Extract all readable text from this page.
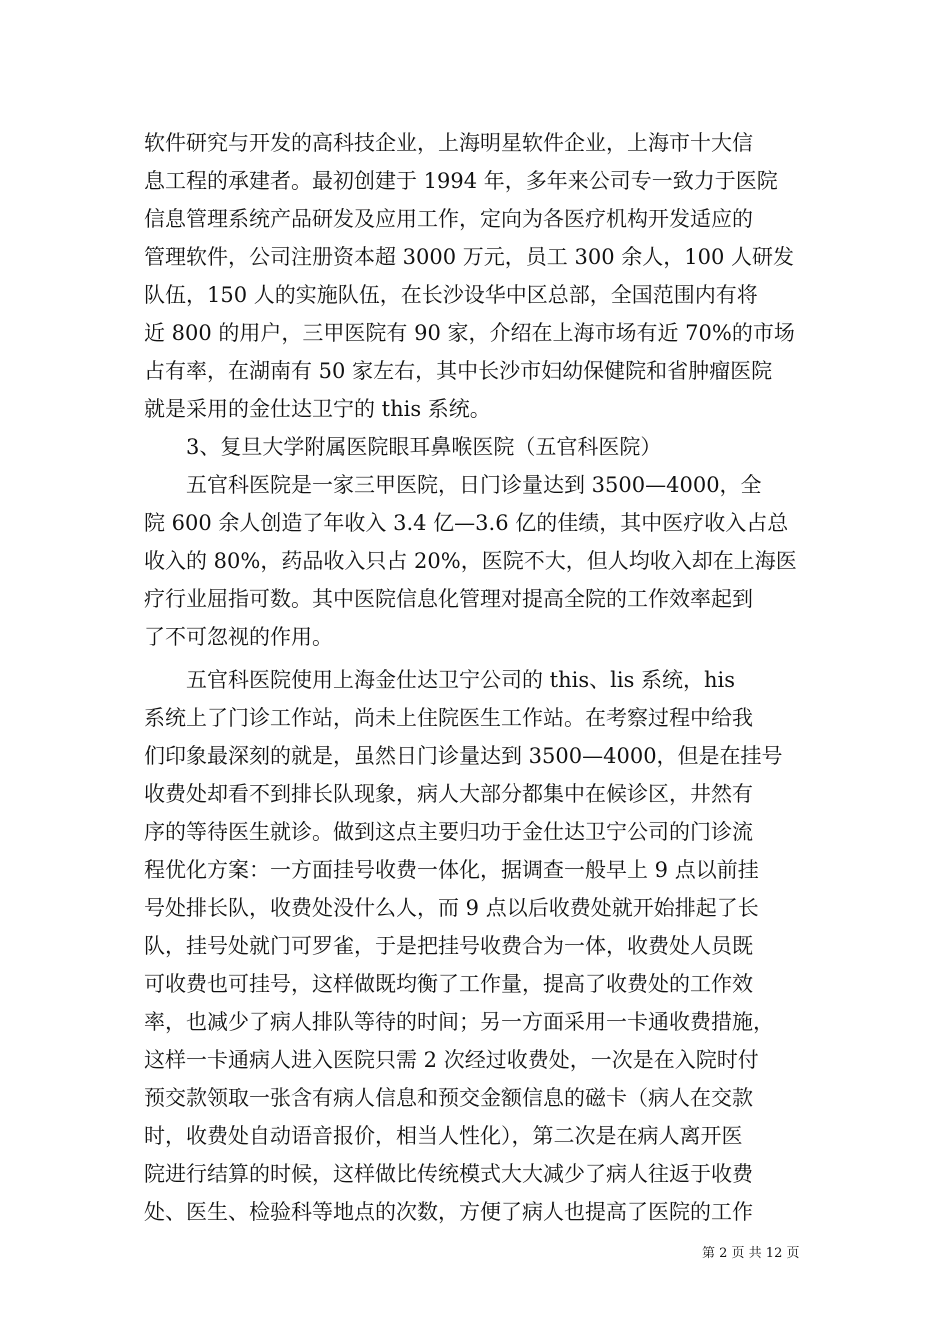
软件研究与开发的高科技企业，上海明星软件企业，上海市十大信
息工程的承建者。最初创建于 1994 年，多年来公司专一致力于医院
信息管理系统产品研发及应用工作，定向为各医疗机构开发适应的
管理软件，公司注册资本超 3000 万元，员工 300 余人，100 人研发
队伍，150 人的实施队伍，在长沙设华中区总部，全国范围内有将
近 800 的用户，三甲医院有 90 家，介绍在上海市场有近 70%的市场
占有率，在湖南有 50 家左右，其中长沙市妇幼保健院和省肿瘤医院
就是采用的金仕达卫宁的 this 系统。
3、复旦大学附属医院眼耳鼻喉医院（五官科医院）
　　五官科医院是一家三甲医院，日门诊量达到 3500—4000，全
院 600 余人创造了年收入 3.4 亿—3.6 亿的佳绩，其中医疗收入占总
收入的 80%，药品收入只占 20%，医院不大，但人均收入却在上海医
疗行业屈指可数。其中医院信息化管理对提高全院的工作效率起到
了不可忽视的作用。
　　五官科医院使用上海金仕达卫宁公司的 this、lis 系统，his
系统上了门诊工作站，尚未上住院医生工作站。在考察过程中给我
们印象最深刻的就是，虽然日门诊量达到 3500—4000，但是在挂号
收费处却看不到排长队现象，病人大部分都集中在候诊区，井然有
序的等待医生就诊。做到这点主要归功于金仕达卫宁公司的门诊流
程优化方案：一方面挂号收费一体化，据调查一般早上 9 点以前挂
号处排长队，收费处没什么人，而 9 点以后收费处就开始排起了长
队，挂号处就门可罗雀，于是把挂号收费合为一体，收费处人员既
可收费也可挂号，这样做既均衡了工作量，提高了收费处的工作效
率，也减少了病人排队等待的时间；另一方面采用一卡通收费措施，
这样一卡通病人进入医院只需 2 次经过收费处，一次是在入院时付
预交款领取一张含有病人信息和预交金额信息的磁卡（病人在交款
时，收费处自动语音报价，相当人性化），第二次是在病人离开医
院进行结算的时候，这样做比传统模式大大减少了病人往返于收费
处、医生、检验科等地点的次数，方便了病人也提高了医院的工作
第 2 页 共 12 页
